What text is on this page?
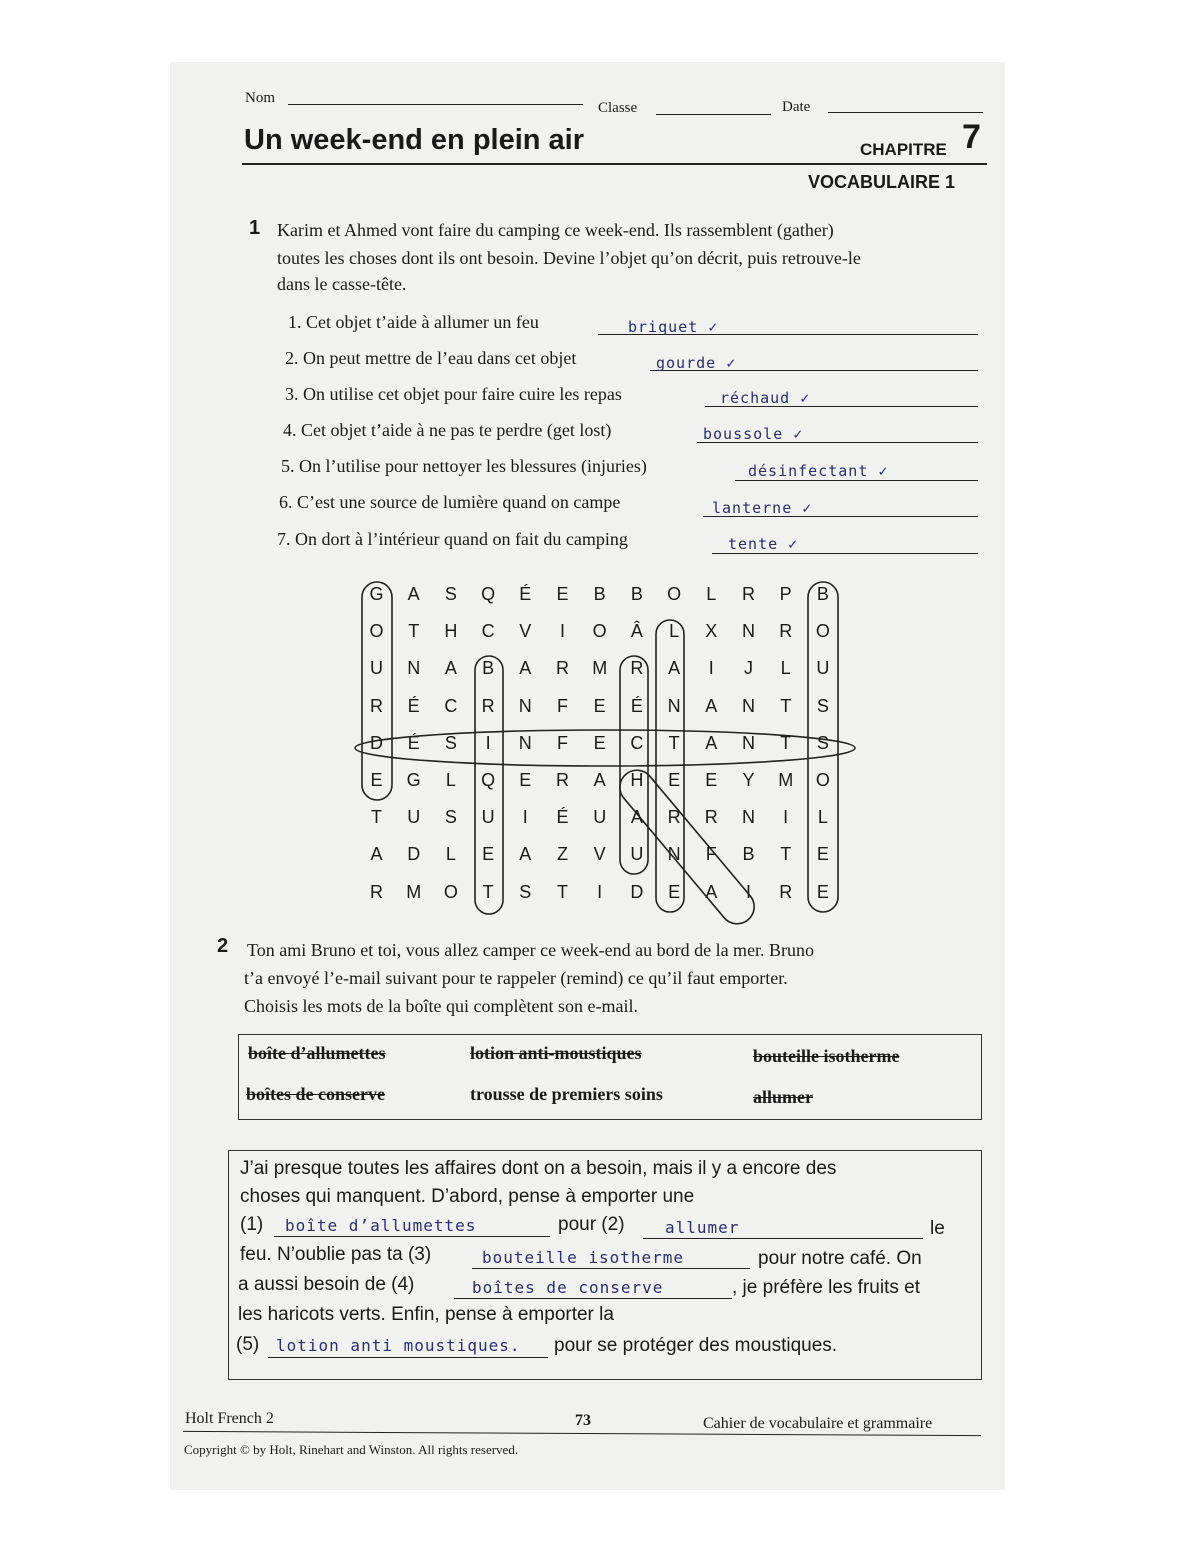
Nom
Classe	Date
Un week-end en plein air	CHAPITRE 7
VOCABULAIRE 1
1 Karim et Ahmed vont faire du camping ce week-end. Ils rassemblent (gather)
toutes les choses dont ils ont besoin. Devine l’objet qu’on décrit, puis retrouve-le
dans le casse-tête.
1. Cet objet t’aide à allumer un feu	briquet ✓
2. On peut mettre de l’eau dans cet objet	gourde ✓
3. On utilise cet objet pour faire cuire les repas	réchaud ✓
4. Cet objet t’aide à ne pas te perdre (get lost)	boussole ✓
5. On l’utilise pour nettoyer les blessures (injuries)	désinfectant ✓
6. C’est une source de lumière quand on campe	lanterne ✓
7. On dort à l’intérieur quand on fait du camping	tente ✓
G	A	S	Q	É	E	B	B	O	L	R	P	B
O	T	H	C	V	I	O	Â	L	X	N	R	O
U	N	A	B	A	R	M	R	A	I	J	L	U
R	É	C	R	N	F	E	É	N	A	N	T	S
D	É	S	I	N	F	E	C	T	A	N	T	S
E	G	L	Q	E	R	A	H	E	E	Y	M	O
T	U	S	U	I	É	U	A	R	R	N	I	L
A	D	L	E	A	Z	V	U	N	F	B	T	E
R	M	O	T	S	T	I	D	E	A	I	R	E
2 Ton ami Bruno et toi, vous allez camper ce week-end au bord de la mer. Bruno
t’a envoyé l’e-mail suivant pour te rappeler (remind) ce qu’il faut emporter.
Choisis les mots de la boîte qui complètent son e-mail.
boîte d’allumettes	lotion anti-moustiques	bouteille isotherme
boîtes de conserve	trousse de premiers soins	allumer
J’ai presque toutes les affaires dont on a besoin, mais il y a encore des
choses qui manquent. D’abord, pense à emporter une
(1) boîte d’allumettes	pour (2)	allumer	le
feu. N’oublie pas ta (3)	bouteille isotherme	pour notre café. On
a aussi besoin de (4)	boîtes de conserve	, je préfère les fruits et
les haricots verts. Enfin, pense à emporter la
(5) lotion anti moustiques. pour se protéger des moustiques.
Holt French 2	73	Cahier de vocabulaire et grammaire
Copyright © by Holt, Rinehart and Winston. All rights reserved.
